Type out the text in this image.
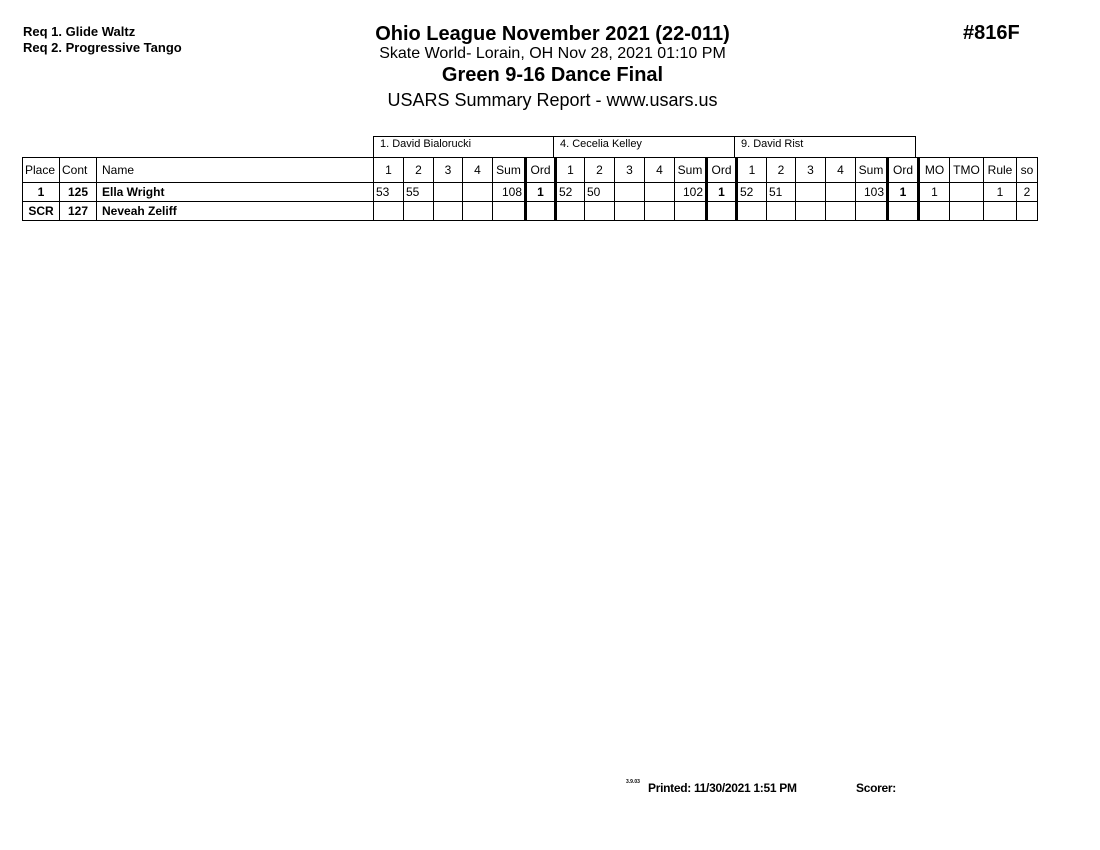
Req 1. Glide Waltz
Req 2. Progressive Tango
#816F
Ohio League November 2021 (22-011)
Skate World- Lorain, OH Nov 28, 2021 01:10 PM
Green 9-16 Dance Final
USARS Summary Report - www.usars.us
1. David Bialorucki	4. Cecelia Kelley	9. David Rist
Place	Cont	Name	1	2	3	4	Sum	Ord	1	2	3	4	Sum	Ord	1	2	3	4	Sum	Ord	MO	TMO	Rule	so
1	125	Ella Wright	53	55			108	1	52	50			102	1	52	51			103	1	1		1	2
SCR	127	Neveah Zeliff																						
3.9.03 Printed: 11/30/2021 1:51 PM	Scorer:
